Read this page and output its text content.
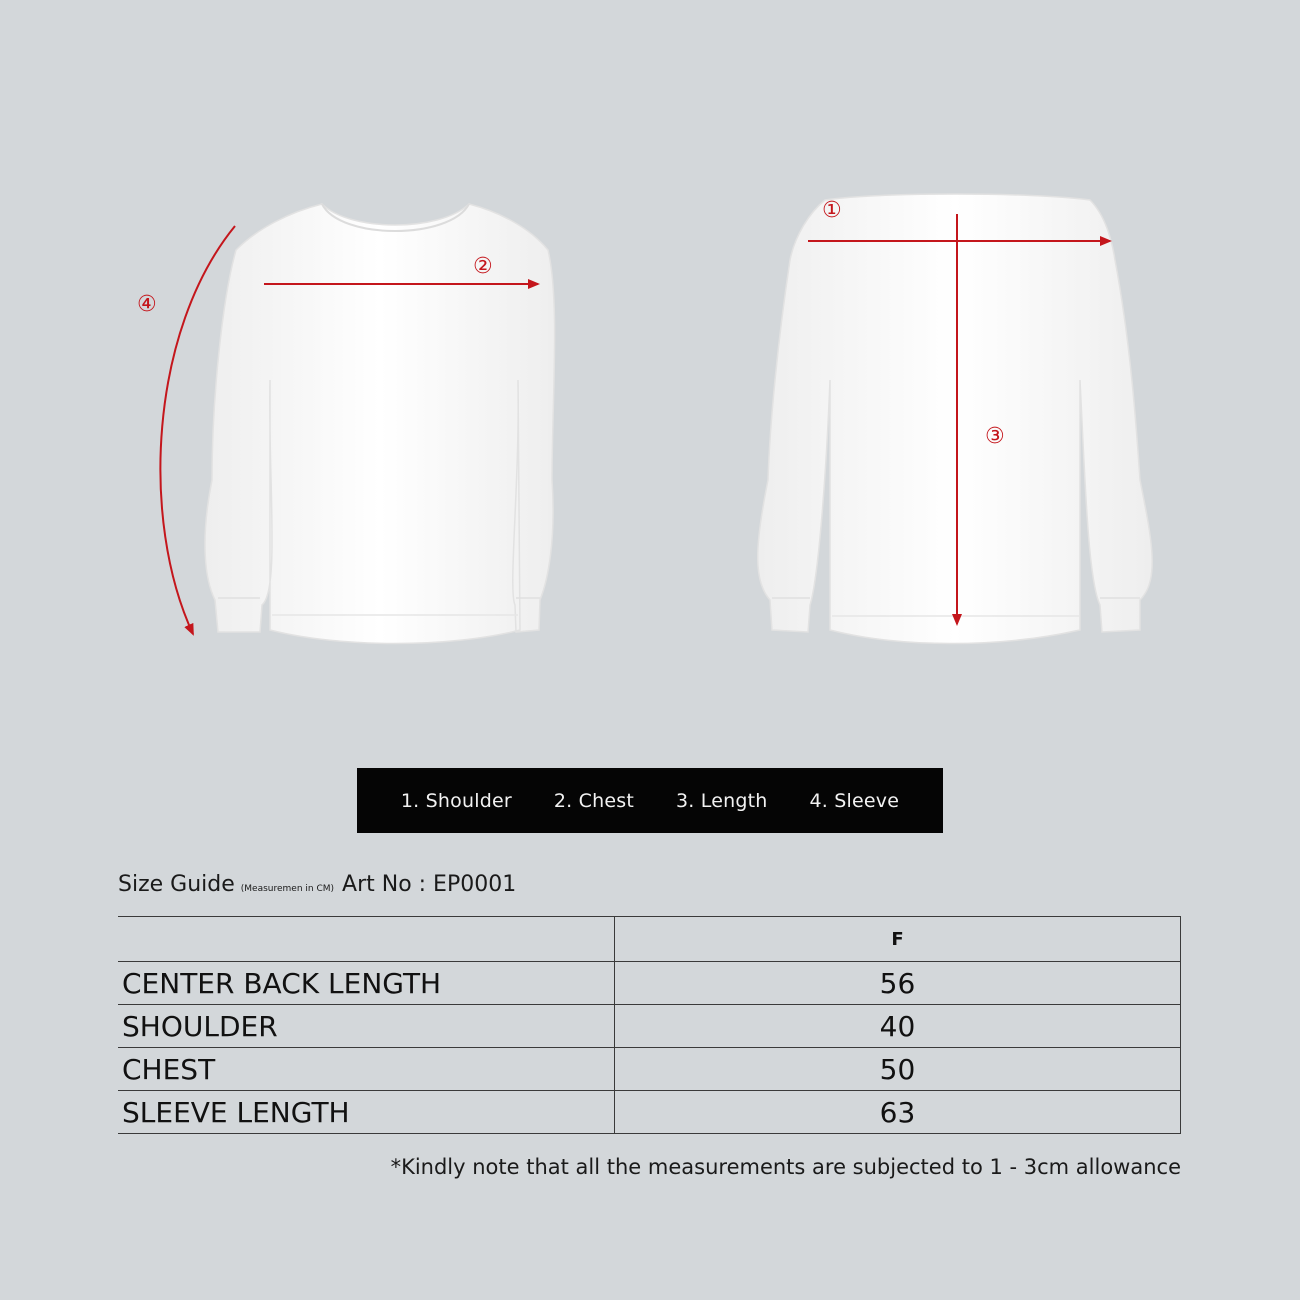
①
②
③
④
1. Shoulder 2. Chest 3. Length 4. Sleeve
Size Guide (Measuremen in CM) Art No : EP0001
	F
CENTER BACK LENGTH	56
SHOULDER	40
CHEST	50
SLEEVE LENGTH	63
*Kindly note that all the measurements are subjected to 1 - 3cm allowance
